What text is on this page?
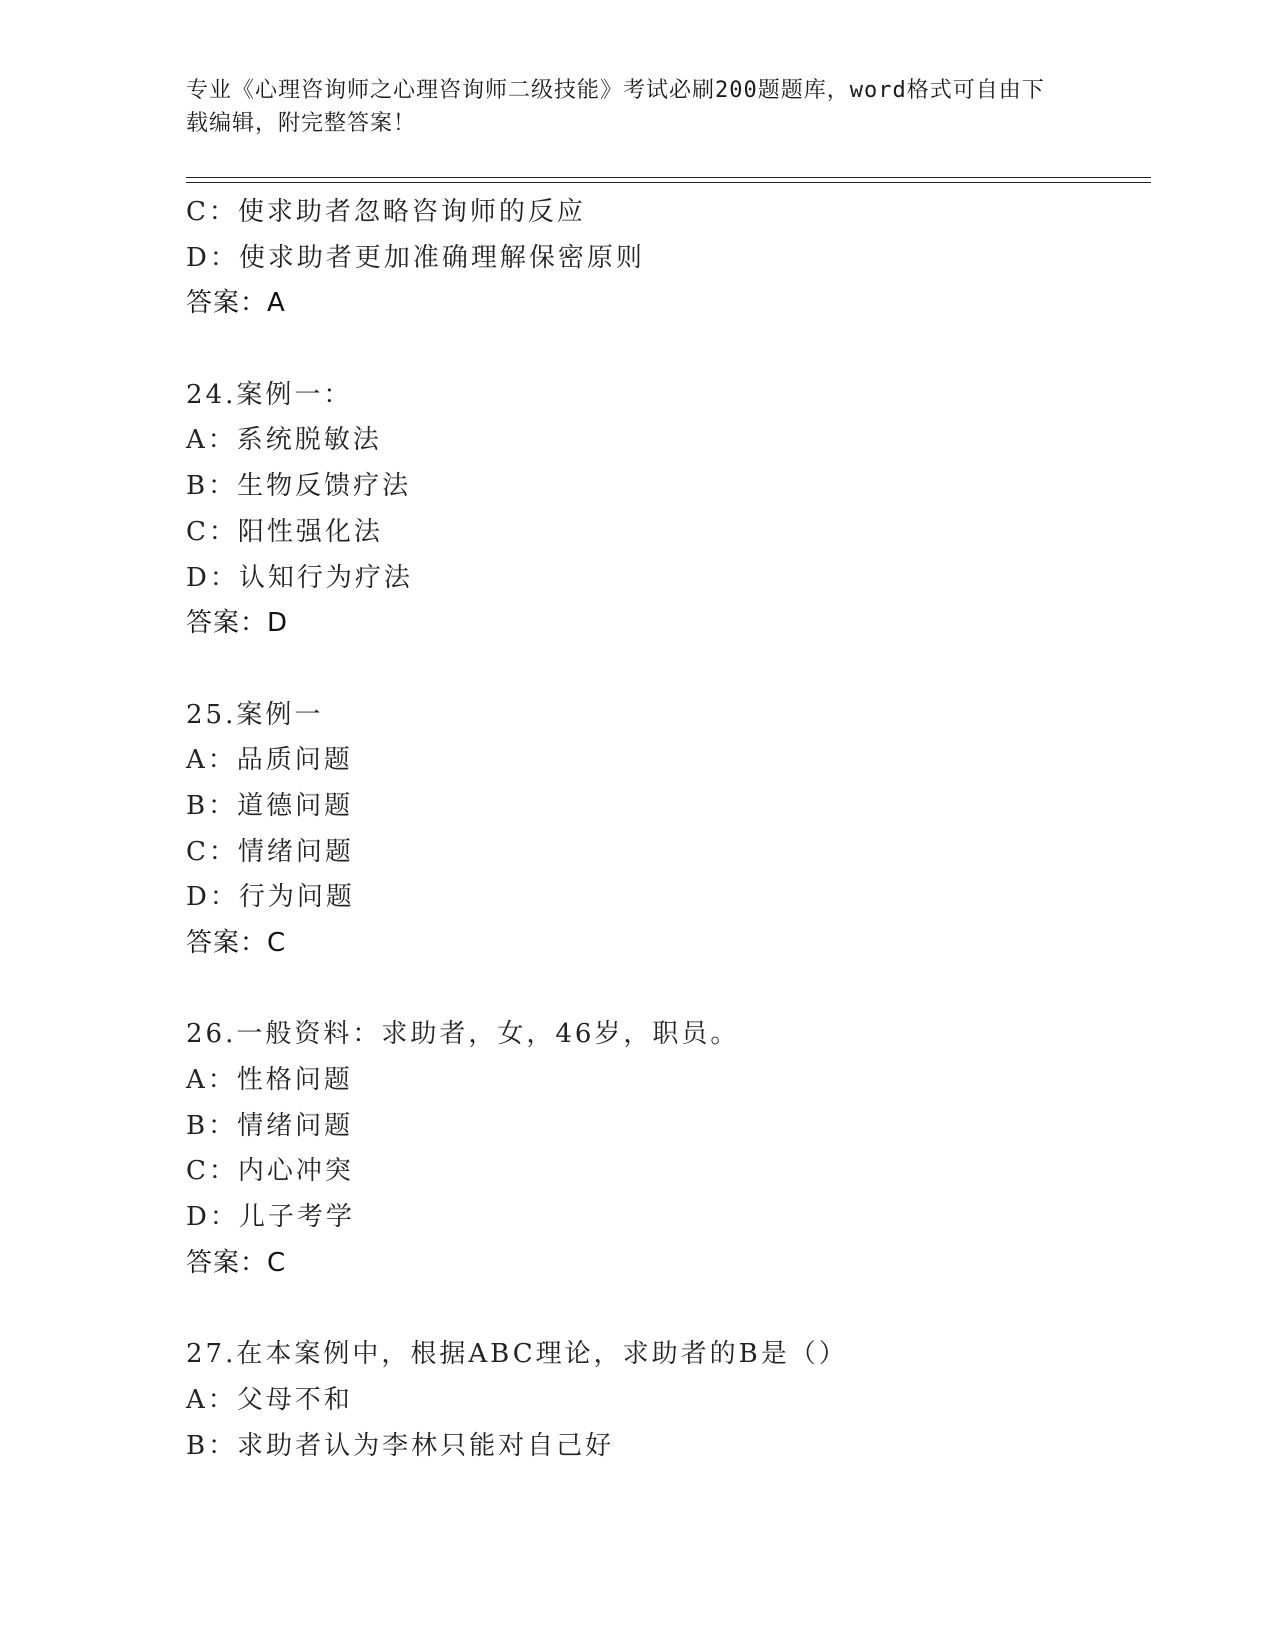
专业《心理咨询师之心理咨询师二级技能》考试必刷200题题库，word格式可自由下载编辑，附完整答案！
C：使求助者忽略咨询师的反应
D：使求助者更加准确理解保密原则
答案：A
24.案例一：
A：系统脱敏法
B：生物反馈疗法
C：阳性强化法
D：认知行为疗法
答案：D
25.案例一
A：品质问题
B：道德问题
C：情绪问题
D：行为问题
答案：C
26.一般资料：求助者，女，46岁，职员。
A：性格问题
B：情绪问题
C：内心冲突
D：儿子考学
答案：C
27.在本案例中，根据ABC理论，求助者的B是（）
A：父母不和
B：求助者认为李林只能对自己好
